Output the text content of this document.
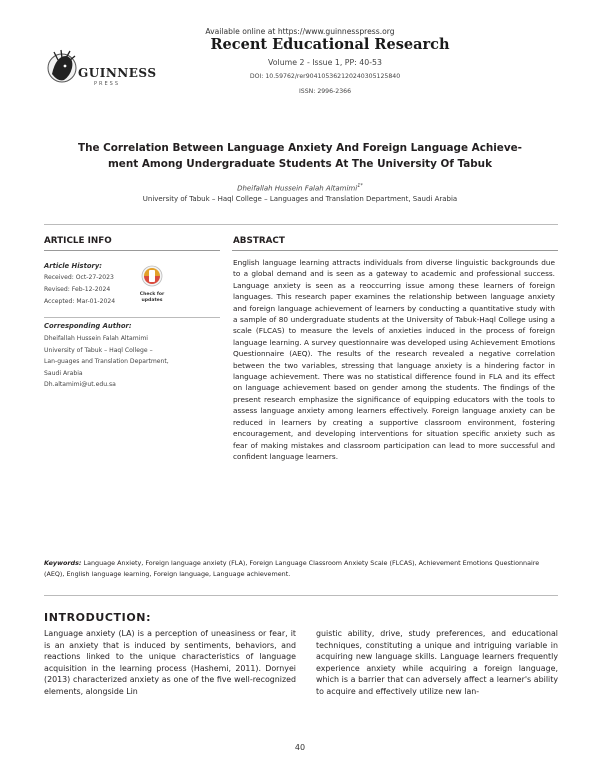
Available online at https://www.guinnesspress.org
GUINNESS
PRESS
Recent Educational Research
Volume 2 - Issue 1, PP: 40-53
DOI: 10.59762/rer904105362120240305125840
ISSN: 2996-2366
The Correlation Between Language Anxiety And Foreign Language Achieve-
ment Among Undergraduate Students At The University Of Tabuk
Dheifallah Hussein Falah Altamimi$^{1*}$
University of Tabuk – Haql College – Languages and Translation Department, Saudi Arabia
ARTICLE INFO
Article History:
Received: Oct-27-2023
Revised: Feb-12-2024
Accepted: Mar-01-2024
Check for
updates
Corresponding Author:
Dheifallah Hussein Falah Altamimi
University of Tabuk – Haql College –
Lan-guages and Translation Department,
Saudi Arabia
Dh.altamimi@ut.edu.sa
ABSTRACT
English language learning attracts individuals from diverse linguistic backgrounds due to a global demand and is seen as a gateway to academic and professional success. Language anxiety is seen as a reoccurring issue among these learners of foreign languages. This research paper examines the relationship between language anxiety and foreign language achievement of learners by conducting a quantitative study with a sample of 80 undergraduate students at the University of Tabuk-Haql College using a scale (FLCAS) to measure the levels of anxieties induced in the process of foreign language learning. A survey questionnaire was developed using Achievement Emotions Questionnaire (AEQ). The results of the research revealed a negative correlation between the two variables, stressing that language anxiety is a hindering factor in language achievement. There was no statistical difference found in FLA and its effect on language achievement based on gender among the students. The findings of the present research emphasize the significance of equipping educators with the tools to assess language anxiety among learners effectively. Foreign language anxiety can be reduced in learners by creating a supportive classroom environment, fostering encouragement, and developing interventions for situation specific anxiety such as fear of making mistakes and classroom participation can lead to more successful and confident language learners.
Keywords: Language Anxiety, Foreign language anxiety (FLA), Foreign Language Classroom Anxiety Scale (FLCAS), Achievement Emotions Questionnaire (AEQ), English language learning, Foreign language, Language achievement.
INTRODUCTION:
Language anxiety (LA) is a perception of uneasiness or fear, it is an anxiety that is induced by sentiments, behaviors, and reactions linked to the unique characteristics of language acquisition in the learning process (Hashemi, 2011). Dornyei (2013) characterized anxiety as one of the five well-recognized elements, alongside Lin
guistic ability, drive, study preferences, and educational techniques, constituting a unique and intriguing variable in acquiring new language skills. Language learners frequently experience anxiety while acquiring a foreign language, which is a barrier that can adversely affect a learner's ability to acquire and effectively utilize new lan-
40
